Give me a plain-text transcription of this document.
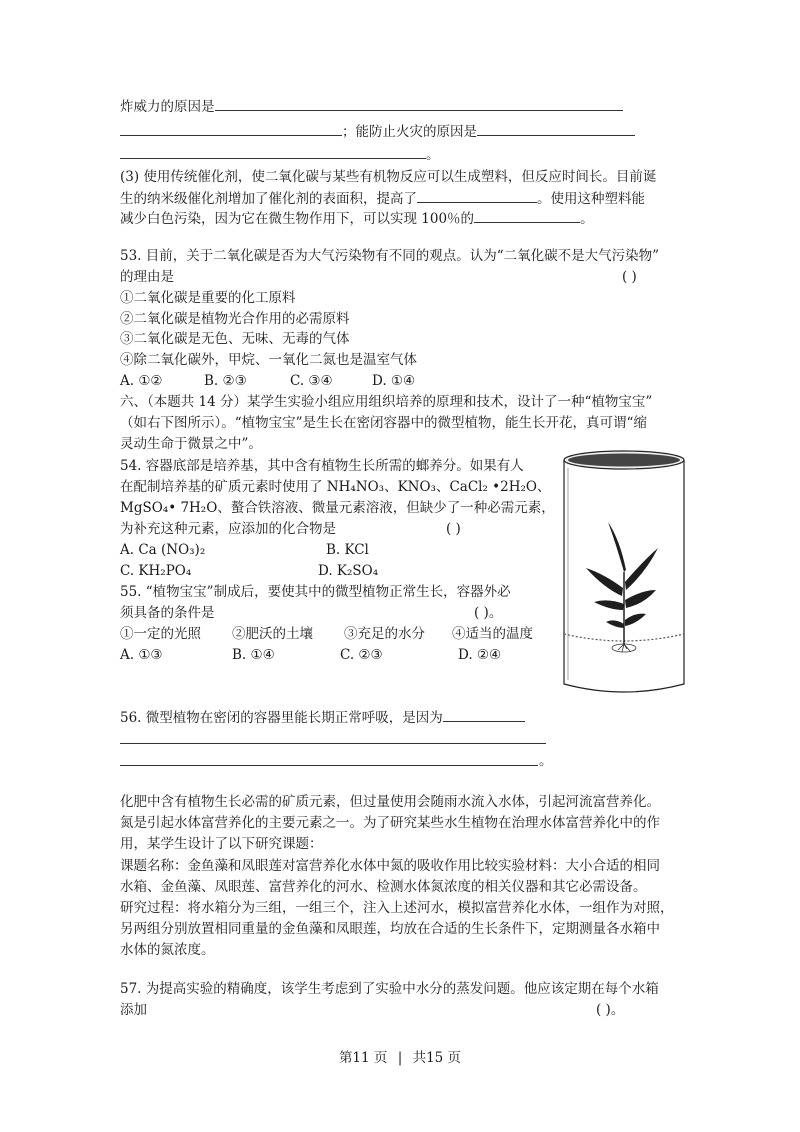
炸威力的原因是
；能防止火灾的原因是
。
(3) 使用传统催化剂，使二氧化碳与某些有机物反应可以生成塑料，但反应时间长。目前诞
生的纳米级催化剂增加了催化剂的表面积，提高了	。使用这种塑料能
减少白色污染，因为它在微生物作用下，可以实现 100％的	。
53. 目前，关于二氧化碳是否为大气污染物有不同的观点。认为“二氧化碳不是大气污染物”
的理由是	( )
①二氧化碳是重要的化工原料
②二氧化碳是植物光合作用的必需原料
③二氧化碳是无色、无味、无毒的气体
④除二氧化碳外，甲烷、一氧化二氮也是温室气体
A. ①②	B. ②③	C. ③④	D. ①④
六、（本题共 14 分）某学生实验小组应用组织培养的原理和技术，设计了一种“植物宝宝”
（如右下图所示）。“植物宝宝”是生长在密闭容器中的微型植物，能生长开花，真可谓“缩
灵动生命于微景之中”。
54. 容器底部是培养基，其中含有植物生长所需的螂养分。如果有人
在配制培养基的矿质元素时使用了 NH₄NO₃、KNO₃、CaCl₂ •2H₂O、
MgSO₄• 7H₂O、螯合铁溶液、微量元素溶液，但缺少了一种必需元素，
为补充这种元素，应添加的化合物是	( )
A. Ca (NO₃)₂	B. KCl
C. KH₂PO₄	D. K₂SO₄
55. “植物宝宝”制成后，要使其中的微型植物正常生长，容器外必
须具备的条件是	( )。
①一定的光照 ②肥沃的土壤 ③充足的水分 ④适当的温度
A. ①③	B. ①④	C. ②③	D. ②④
56. 微型植物在密闭的容器里能长期正常呼吸，是因为
。
化肥中含有植物生长必需的矿质元素，但过量使用会随雨水流入水体，引起河流富营养化。
氮是引起水体富营养化的主要元素之一。为了研究某些水生植物在治理水体富营养化中的作
用，某学生设计了以下研究课题：
课题名称：金鱼藻和凤眼莲对富营养化水体中氮的吸收作用比较实验材料：大小合适的相同
水箱、金鱼藻、凤眼莲、富营养化的河水、检测水体氮浓度的相关仪器和其它必需设备。
研究过程：将水箱分为三组，一组三个，注入上述河水，模拟富营养化水体，一组作为对照，
另两组分别放置相同重量的金鱼藻和凤眼莲，均放在合适的生长条件下，定期测量各水箱中
水体的氮浓度。
57. 为提高实验的精确度，该学生考虑到了实验中水分的蒸发问题。他应该定期在每个水箱
添加	( )。
第11 页 | 共15 页
